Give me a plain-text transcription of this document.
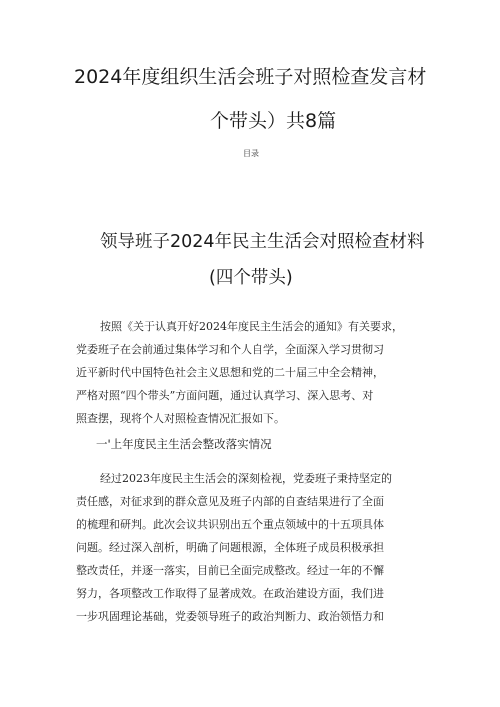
2024年度组织生活会班子对照检查发言材
个带头）共8篇
目录
领导班子2024年民主生活会对照检查材料
(四个带头)
按照《关于认真开好2024年度民主生活会的通知》有关要求，
党委班子在会前通过集体学习和个人自学，全面深入学习贯彻习
近平新时代中国特色社会主义思想和党的二十届三中全会精神，
严格对照“四个带头”方面问题，通过认真学习、深入思考、对
照查摆，现将个人对照检查情况汇报如下。
一'上年度民主生活会整改落实情况
经过2023年度民主生活会的深刻检视，党委班子秉持坚定的
责任感，对征求到的群众意见及班子内部的自查结果进行了全面
的梳理和研判。此次会议共识别出五个重点领域中的十五项具体
问题。经过深入剖析，明确了问题根源，全体班子成员积极承担
整改责任，并逐一落实，目前已全面完成整改。经过一年的不懈
努力，各项整改工作取得了显著成效。在政治建设方面，我们进
一步巩固理论基础，党委领导班子的政治判断力、政治领悟力和
